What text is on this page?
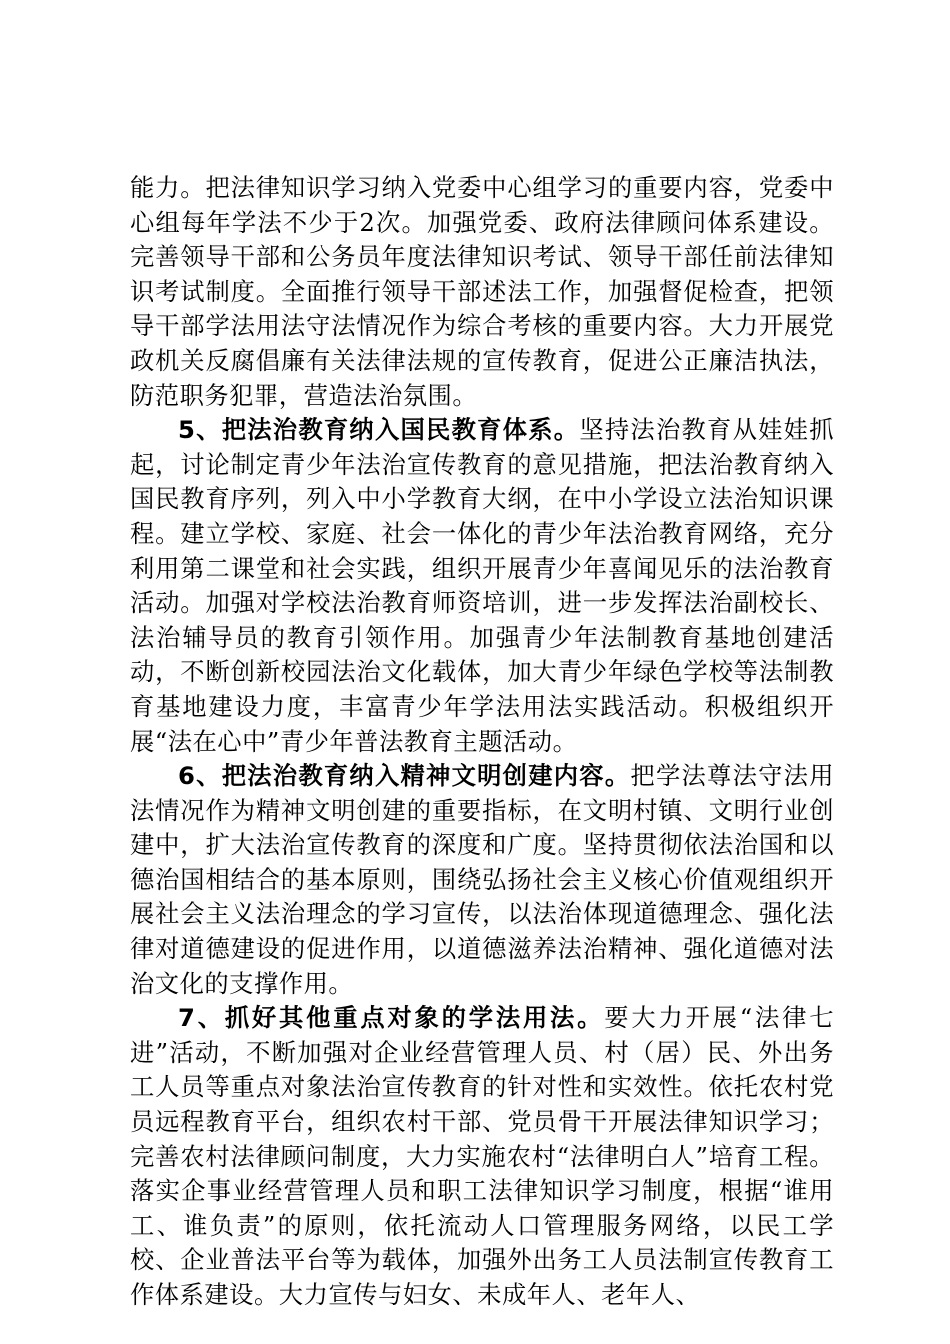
能力。把法律知识学习纳入党委中心组学习的重要内容，党委中心组每年学法不少于2次。加强党委、政府法律顾问体系建设。完善领导干部和公务员年度法律知识考试、领导干部任前法律知识考试制度。全面推行领导干部述法工作，加强督促检查，把领导干部学法用法守法情况作为综合考核的重要内容。大力开展党政机关反腐倡廉有关法律法规的宣传教育，促进公正廉洁执法，防范职务犯罪，营造法治氛围。

5、把法治教育纳入国民教育体系。坚持法治教育从娃娃抓起，讨论制定青少年法治宣传教育的意见措施，把法治教育纳入国民教育序列，列入中小学教育大纲，在中小学设立法治知识课程。建立学校、家庭、社会一体化的青少年法治教育网络，充分利用第二课堂和社会实践，组织开展青少年喜闻见乐的法治教育活动。加强对学校法治教育师资培训，进一步发挥法治副校长、法治辅导员的教育引领作用。加强青少年法制教育基地创建活动，不断创新校园法治文化载体，加大青少年绿色学校等法制教育基地建设力度，丰富青少年学法用法实践活动。积极组织开展“法在心中”青少年普法教育主题活动。

6、把法治教育纳入精神文明创建内容。把学法尊法守法用法情况作为精神文明创建的重要指标，在文明村镇、文明行业创建中，扩大法治宣传教育的深度和广度。坚持贯彻依法治国和以德治国相结合的基本原则，围绕弘扬社会主义核心价值观组织开展社会主义法治理念的学习宣传，以法治体现道德理念、强化法律对道德建设的促进作用，以道德滋养法治精神、强化道德对法治文化的支撑作用。

7、抓好其他重点对象的学法用法。要大力开展“法律七进”活动，不断加强对企业经营管理人员、村（居）民、外出务工人员等重点对象法治宣传教育的针对性和实效性。依托农村党员远程教育平台，组织农村干部、党员骨干开展法律知识学习；完善农村法律顾问制度，大力实施农村“法律明白人”培育工程。落实企事业经营管理人员和职工法律知识学习制度，根据“谁用工、谁负责”的原则，依托流动人口管理服务网络，以民工学校、企业普法平台等为载体，加强外出务工人员法制宣传教育工作体系建设。大力宣传与妇女、未成年人、老年人、
